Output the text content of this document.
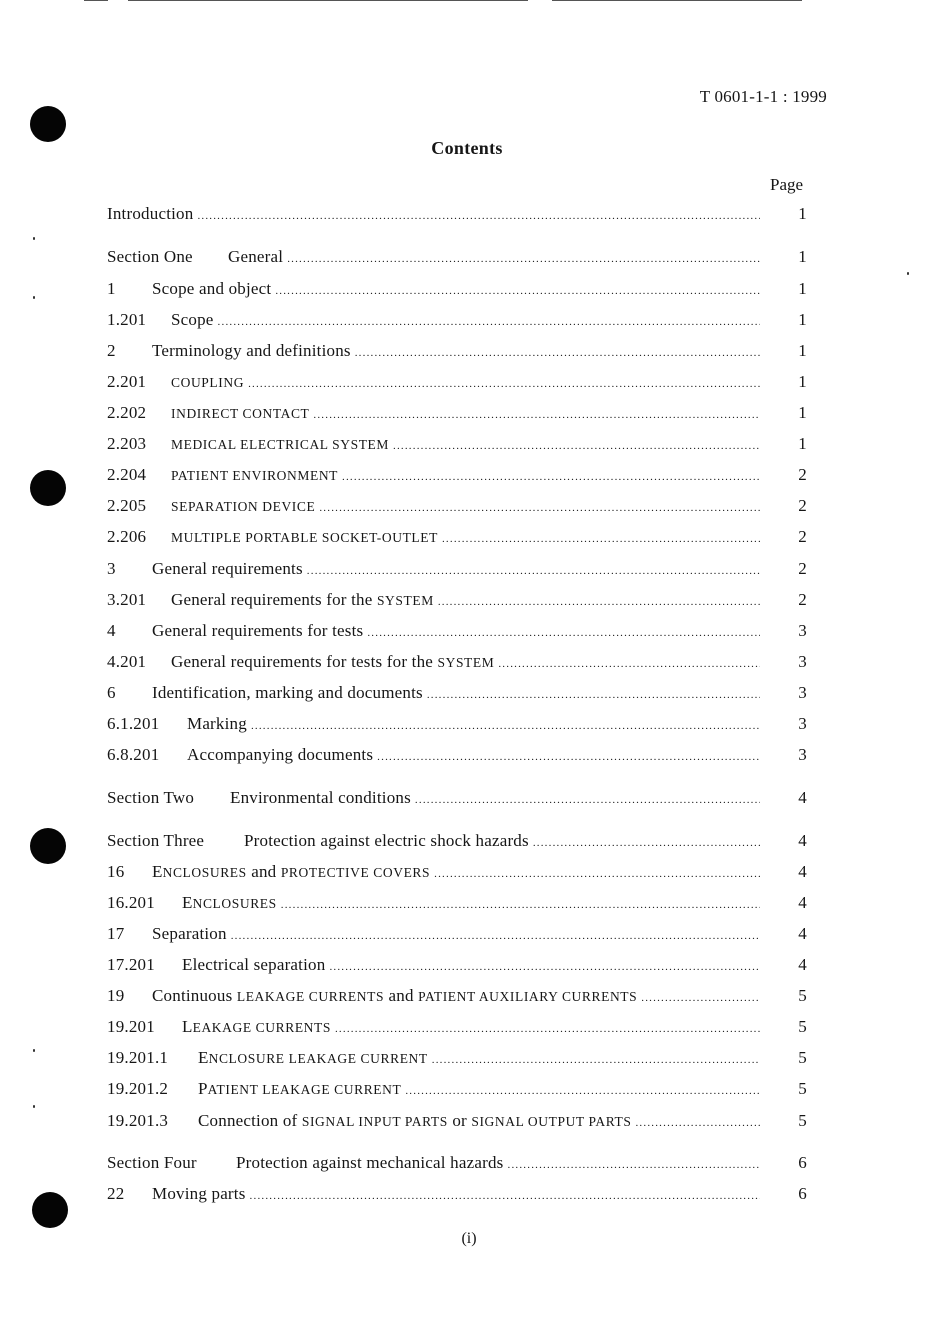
T 0601-1-1 : 1999
Contents
Page
Introduction .....	1
Section One	General .....	1
1	Scope and object .....	1
1.201	Scope .....	1
2	Terminology and definitions .....	1
2.201	COUPLING .....	1
2.202	INDIRECT CONTACT .....	1
2.203	MEDICAL ELECTRICAL SYSTEM .....	1
2.204	PATIENT ENVIRONMENT .....	2
2.205	SEPARATION DEVICE .....	2
2.206	MULTIPLE PORTABLE SOCKET-OUTLET .....	2
3	General requirements .....	2
3.201	General requirements for the SYSTEM .....	2
4	General requirements for tests .....	3
4.201	General requirements for tests for the SYSTEM .....	3
6	Identification, marking and documents .....	3
6.1.201	Marking .....	3
6.8.201	Accompanying documents .....	3
Section Two	Environmental conditions .....	4
Section Three	Protection against electric shock hazards .....	4
16	ENCLOSURES and PROTECTIVE COVERS .....	4
16.201	ENCLOSURES .....	4
17	Separation .....	4
17.201	Electrical separation .....	4
19	Continuous LEAKAGE CURRENTS and PATIENT AUXILIARY CURRENTS .....	5
19.201	LEAKAGE CURRENTS .....	5
19.201.1	ENCLOSURE LEAKAGE CURRENT .....	5
19.201.2	PATIENT LEAKAGE CURRENT .....	5
19.201.3	Connection of SIGNAL INPUT PARTS or SIGNAL OUTPUT PARTS .....	5
Section Four	Protection against mechanical hazards .....	6
22	Moving parts .....	6
(i)
